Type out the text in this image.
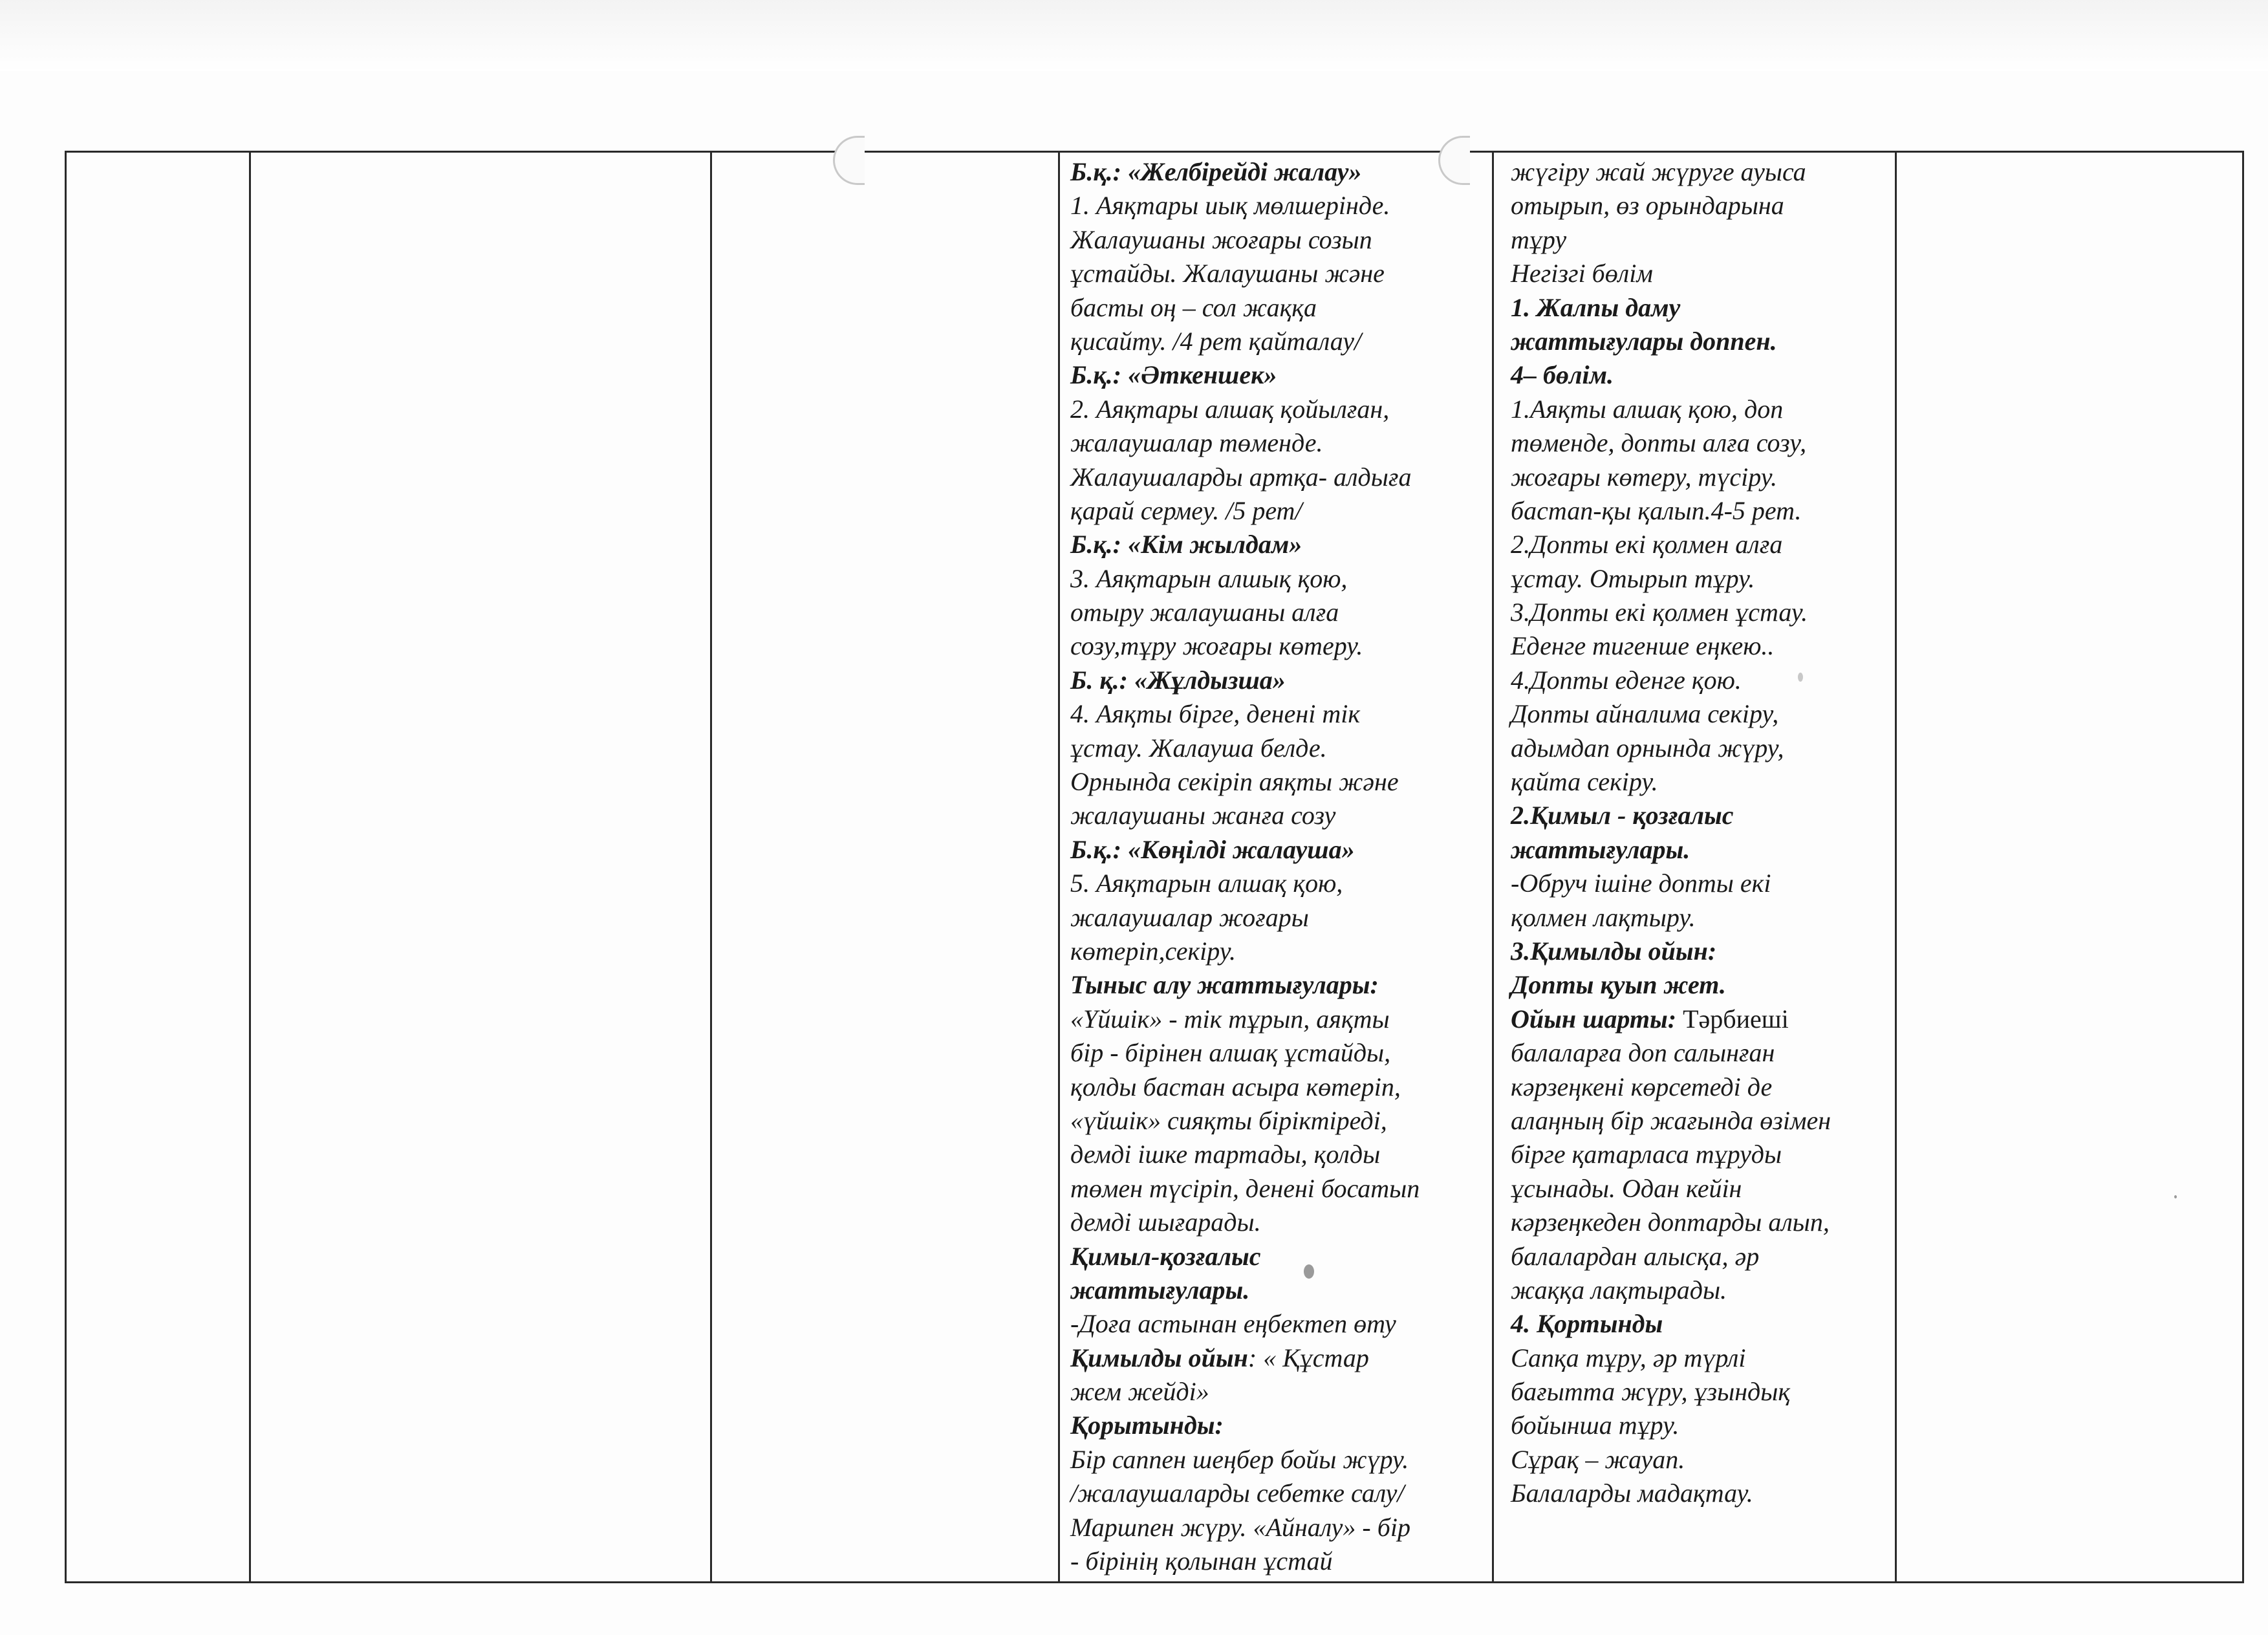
Б.қ.: «Желбірейді жалау»
1. Аяқтары иық мөлшерінде.
Жалаушаны жоғары созып
ұстайды. Жалаушаны және
басты оң – сол жаққа
қисайту. /4 рет қайталау/
Б.қ.: «Әткеншек»
2. Аяқтары алшақ қойылған,
жалаушалар төменде.
Жалаушаларды артқа- алдыға
қарай сермеу. /5 рет/
Б.қ.: «Кім жылдам»
3. Аяқтарын алшық қою,
отыру жалаушаны алға
созу,тұру жоғары көтеру.
Б. қ.: «Жұлдызша»
4. Аяқты бірге, денені тік
ұстау. Жалауша белде.
Орнында секіріп аяқты және
жалаушаны жанға созу
Б.қ.: «Көңілді жалауша»
5. Аяқтарын алшақ қою,
жалаушалар жоғары
көтеріп,секіру.
Тыныс алу жаттығулары:
«Үйшік» - тік тұрып, аяқты
бір - бірінен алшақ ұстайды,
қолды бастан асыра көтеріп,
«үйшік» сияқты біріктіреді,
демді ішке тартады, қолды
төмен түсіріп, денені босатып
демді шығарады.
Қимыл-қозғалыс
жаттығулары.
-Доға астынан еңбектеп өту
Қимылды ойын: « Құстар
жем жейді»
Қорытынды:
Бір саппен шеңбер бойы жүру.
/жалаушаларды себетке салу/
Маршпен жүру. «Айналу» - бір
- бірінің қолынан ұстай
жүгіру жай жүруге ауыса
отырып, өз орындарына
тұру
Негізгі бөлім
1. Жалпы даму
жаттығулары доппен.
4– бөлім.
1.Аяқты алшақ қою, доп
төменде, допты алға созу,
жоғары көтеру, түсіру.
бастап-қы қалып.4-5 рет.
2.Допты екі қолмен алға
ұстау. Отырып тұру.
3.Допты екі қолмен ұстау.
Еденге тигенше еңкею..
4.Допты еденге қою.
Допты айналима секіру,
адымдап орнында жүру,
қайта секіру.
2.Қимыл - қозғалыс
жаттығулары.
-Обруч ішіне допты екі
қолмен лақтыру.
3.Қимылды ойын:
Допты қуып жет.
Ойын шарты: Тәрбиеші
балаларға доп салынған
кәрзеңкені көрсетеді де
алаңның бір жағында өзімен
бірге қатарласа тұруды
ұсынады. Одан кейін
кәрзеңкеден доптарды алып,
балалардан алысқа, әр
жаққа лақтырады.
4. Қортынды
Сапқа тұру, әр түрлі
бағытта жүру, ұзындық
бойынша тұру.
Сұрақ – жауап.
Балаларды мадақтау.
